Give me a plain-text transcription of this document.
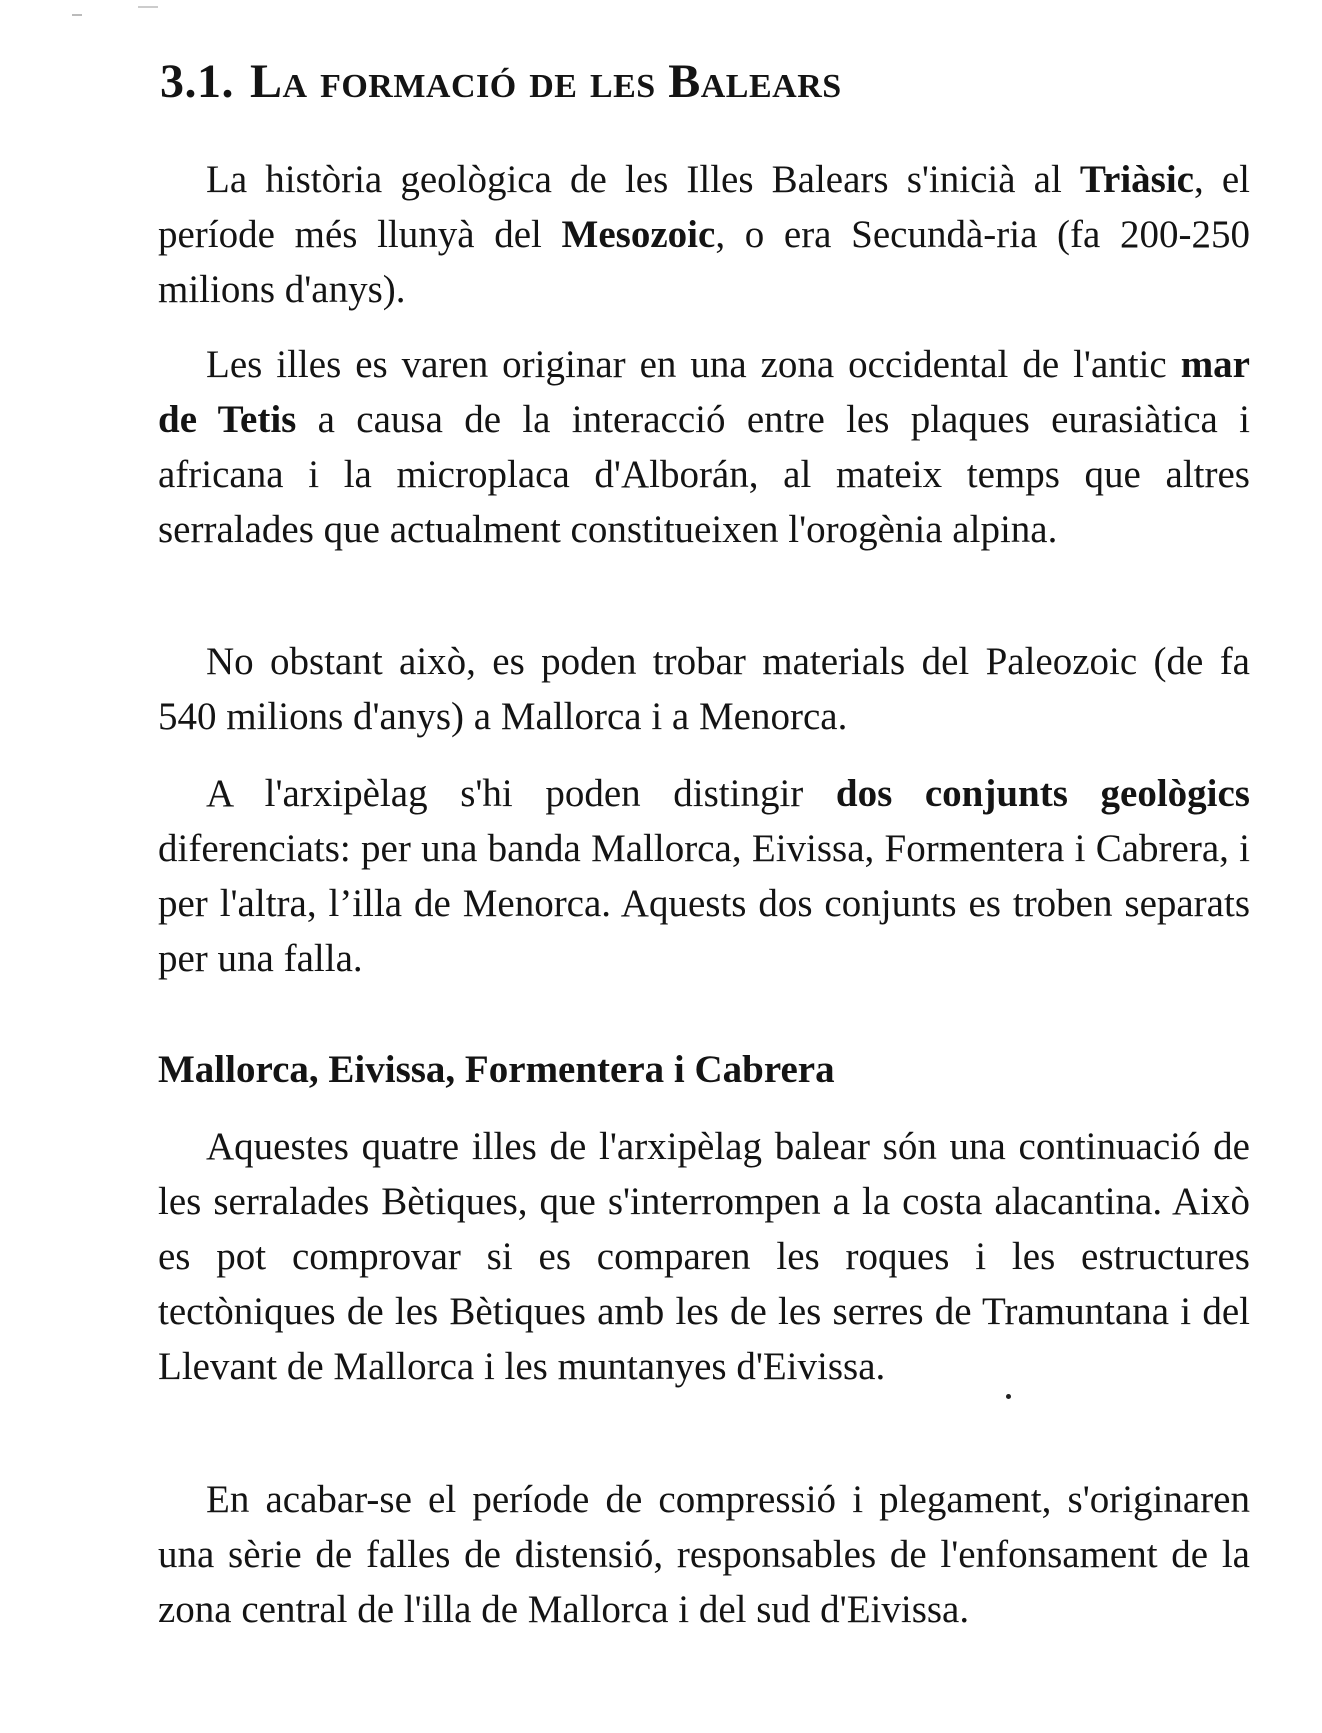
3.1. La formació de les Balears

La història geològica de les Illes Balears s'inicià al Triàsic, el període més llunyà del Mesozoic, o era Secundà-ria (fa 200-250 milions d'anys).

Les illes es varen originar en una zona occidental de l'antic mar de Tetis a causa de la interacció entre les plaques eurasiàtica i africana i la microplaca d'Alborán, al mateix temps que altres serralades que actualment constitueixen l'orogènia alpina.

No obstant això, es poden trobar materials del Paleozoic (de fa 540 milions d'anys) a Mallorca i a Menorca.

A l'arxipèlag s'hi poden distingir dos conjunts geològics diferenciats: per una banda Mallorca, Eivissa, Formentera i Cabrera, i per l'altra, l’illa de Menorca. Aquests dos conjunts es troben separats per una falla.

Mallorca, Eivissa, Formentera i Cabrera

Aquestes quatre illes de l'arxipèlag balear són una continuació de les serralades Bètiques, que s'interrompen a la costa alacantina. Això es pot comprovar si es comparen les roques i les estructures tectòniques de les Bètiques amb les de les serres de Tramuntana i del Llevant de Mallorca i les muntanyes d'Eivissa.

En acabar-se el període de compressió i plegament, s'originaren una sèrie de falles de distensió, responsables de l'enfonsament de la zona central de l'illa de Mallorca i del sud d'Eivissa.
